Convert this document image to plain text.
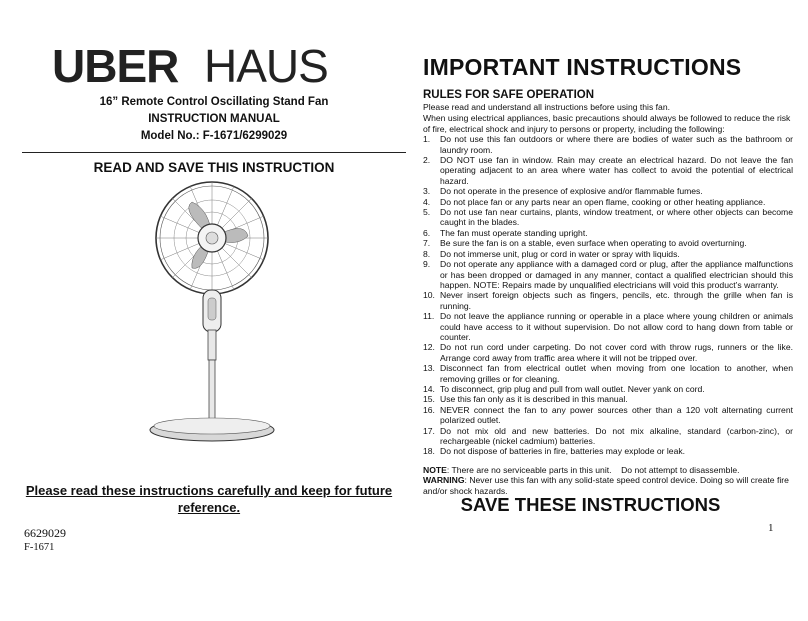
UBER HAUS
16” Remote Control Oscillating Stand Fan
INSTRUCTION MANUAL
Model No.: F-1671/6299029
READ AND SAVE THIS INSTRUCTION
Please read these instructions carefully and keep for future reference.
6629029
F-1671
IMPORTANT INSTRUCTIONS
RULES FOR SAFE OPERATION
Please read and understand all instructions before using this fan.
When using electrical appliances, basic precautions should always be followed to reduce the risk of fire, electrical shock and injury to persons or property, including the following:
1. Do not use this fan outdoors or where there are bodies of water such as the bathroom or laundry room.
2. DO NOT use fan in window. Rain may create an electrical hazard. Do not leave the fan operating adjacent to an area where water has collect to avoid the potential of electrical hazard.
3. Do not operate in the presence of explosive and/or flammable fumes.
4. Do not place fan or any parts near an open flame, cooking or other heating appliance.
5. Do not use fan near curtains, plants, window treatment, or where other objects can become caught in the blades.
6. The fan must operate standing upright.
7. Be sure the fan is on a stable, even surface when operating to avoid overturning.
8. Do not immerse unit, plug or cord in water or spray with liquids.
9. Do not operate any appliance with a damaged cord or plug, after the appliance malfunctions or has been dropped or damaged in any manner, contact a qualified electrician should this happen. NOTE: Repairs made by unqualified electricians will void this product’s warranty.
10. Never insert foreign objects such as fingers, pencils, etc. through the grille when fan is running.
11. Do not leave the appliance running or operable in a place where young children or animals could have access to it without supervision. Do not allow cord to hang down from table or counter.
12. Do not run cord under carpeting. Do not cover cord with throw rugs, runners or the like. Arrange cord away from traffic area where it will not be tripped over.
13. Disconnect fan from electrical outlet when moving from one location to another, when removing grilles or for cleaning.
14. To disconnect, grip plug and pull from wall outlet. Never yank on cord.
15. Use this fan only as it is described in this manual.
16. NEVER connect the fan to any power sources other than a 120 volt alternating current polarized outlet.
17. Do not mix old and new batteries. Do not mix alkaline, standard (carbon-zinc), or rechargeable (nickel cadmium) batteries.
18. Do not dispose of batteries in fire, batteries may explode or leak.
NOTE: There are no serviceable parts in this unit.    Do not attempt to disassemble.
WARNING: Never use this fan with any solid-state speed control device. Doing so will create fire and/or shock hazards.
SAVE THESE INSTRUCTIONS
1
